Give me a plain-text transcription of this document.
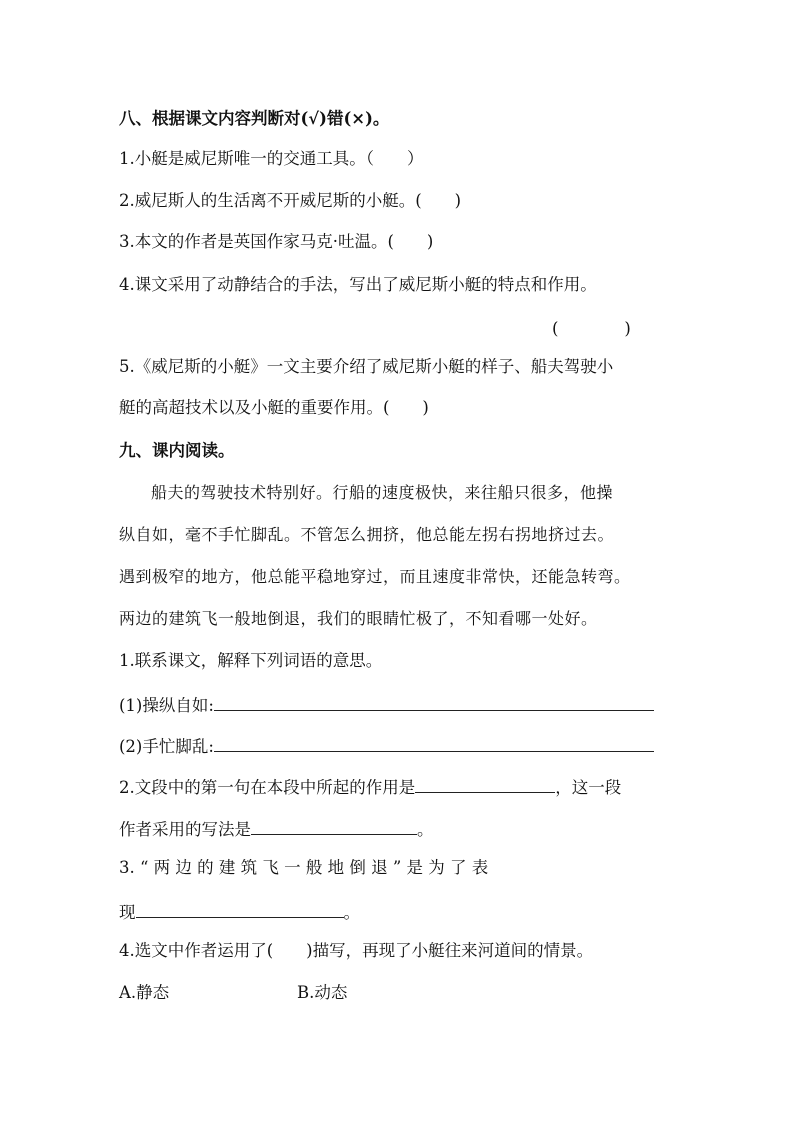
八、根据课文内容判断对(√)错(×)。
1.小艇是威尼斯唯一的交通工具。（　　）
2.威尼斯人的生活离不开威尼斯的小艇。(　　)
3.本文的作者是英国作家马克·吐温。(　　)
4.课文采用了动静结合的手法，写出了威尼斯小艇的特点和作用。
(　　　　)
5.《威尼斯的小艇》一文主要介绍了威尼斯小艇的样子、船夫驾驶小
艇的高超技术以及小艇的重要作用。(　　)
九、课内阅读。
船夫的驾驶技术特别好。行船的速度极快，来往船只很多，他操
纵自如，毫不手忙脚乱。不管怎么拥挤，他总能左拐右拐地挤过去。
遇到极窄的地方，他总能平稳地穿过，而且速度非常快，还能急转弯。
两边的建筑飞一般地倒退，我们的眼睛忙极了，不知看哪一处好。
1.联系课文，解释下列词语的意思。
(1)操纵自如:
(2)手忙脚乱:
2.文段中的第一句在本段中所起的作用是	，这一段
作者采用的写法是	。
3. “ 两 边 的 建 筑 飞 一 般 地 倒 退 ” 是 为 了 表
现	。
4.选文中作者运用了(　　)描写，再现了小艇往来河道间的情景。
A.静态	B.动态
